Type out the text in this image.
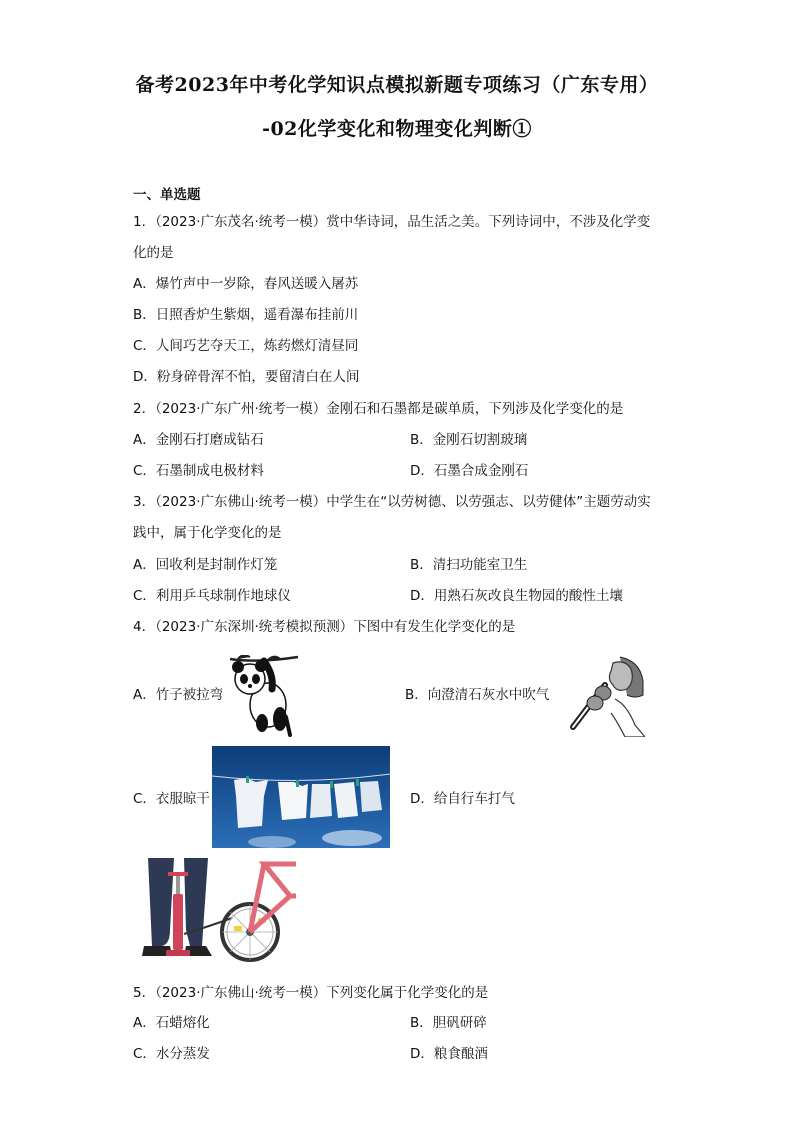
备考2023年中考化学知识点模拟新题专项练习（广东专用）
-02化学变化和物理变化判断①
一、单选题
1．（2023·广东茂名·统考一模）赏中华诗词，品生活之美。下列诗词中，不涉及化学变
化的是
A．爆竹声中一岁除，春风送暖入屠苏
B．日照香炉生紫烟，遥看瀑布挂前川
C．人间巧艺夺天工，炼药燃灯清昼同
D．粉身碎骨浑不怕，要留清白在人间
2．（2023·广东广州·统考一模）金刚石和石墨都是碳单质，下列涉及化学变化的是
A．金刚石打磨成钻石	B．金刚石切割玻璃
C．石墨制成电极材料	D．石墨合成金刚石
3．（2023·广东佛山·统考一模）中学生在“以劳树德、以劳强志、以劳健体”主题劳动实
践中，属于化学变化的是
A．回收利是封制作灯笼	B．清扫功能室卫生
C．利用乒乓球制作地球仪	D．用熟石灰改良生物园的酸性土壤
4．（2023·广东深圳·统考模拟预测）下图中有发生化学变化的是
A．竹子被拉弯	B．向澄清石灰水中吹气
C．衣服晾干	D．给自行车打气
5．（2023·广东佛山·统考一模）下列变化属于化学变化的是
A．石蜡熔化	B．胆矾研碎
C．水分蒸发	D．粮食酿酒
